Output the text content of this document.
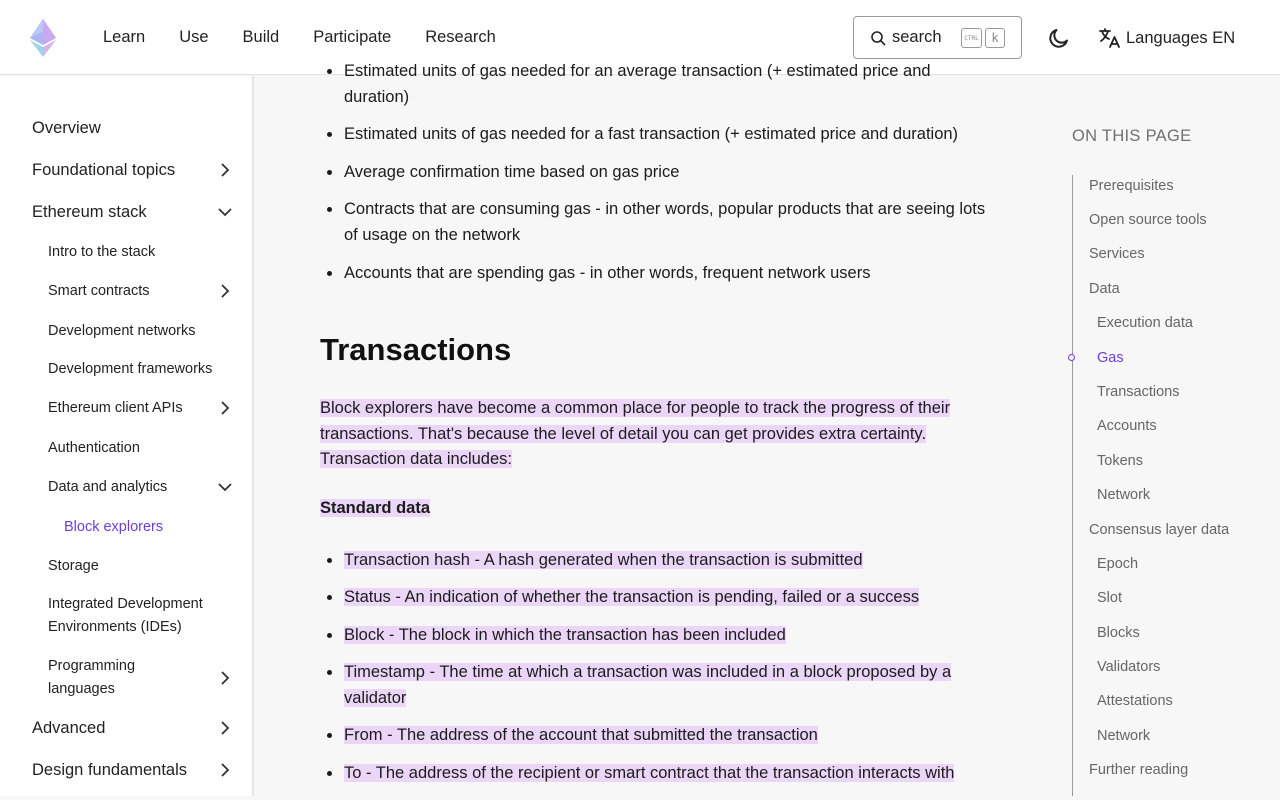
Learn Use Build Participate Research	search	CTRL	k	Languages EN
Overview
Foundational topics
Ethereum stack
Intro to the stack
Smart contracts
Development networks
Development frameworks
Ethereum client APIs
Authentication
Data and analytics
Block explorers
Storage
Integrated Development Environments (IDEs)
Programming languages
Advanced
Design fundamentals
Estimated units of gas needed for an average transaction (+ estimated price and duration)
Estimated units of gas needed for a fast transaction (+ estimated price and duration)
Average confirmation time based on gas price
Contracts that are consuming gas - in other words, popular products that are seeing lots of usage on the network
Accounts that are spending gas - in other words, frequent network users
Transactions
Block explorers have become a common place for people to track the progress of their transactions. That's because the level of detail you can get provides extra certainty. Transaction data includes:
Standard data
Transaction hash - A hash generated when the transaction is submitted
Status - An indication of whether the transaction is pending, failed or a success
Block - The block in which the transaction has been included
Timestamp - The time at which a transaction was included in a block proposed by a validator
From - The address of the account that submitted the transaction
To - The address of the recipient or smart contract that the transaction interacts with
ON THIS PAGE
Prerequisites
Open source tools
Services
Data
Execution data
Gas
Transactions
Accounts
Tokens
Network
Consensus layer data
Epoch
Slot
Blocks
Validators
Attestations
Network
Further reading
